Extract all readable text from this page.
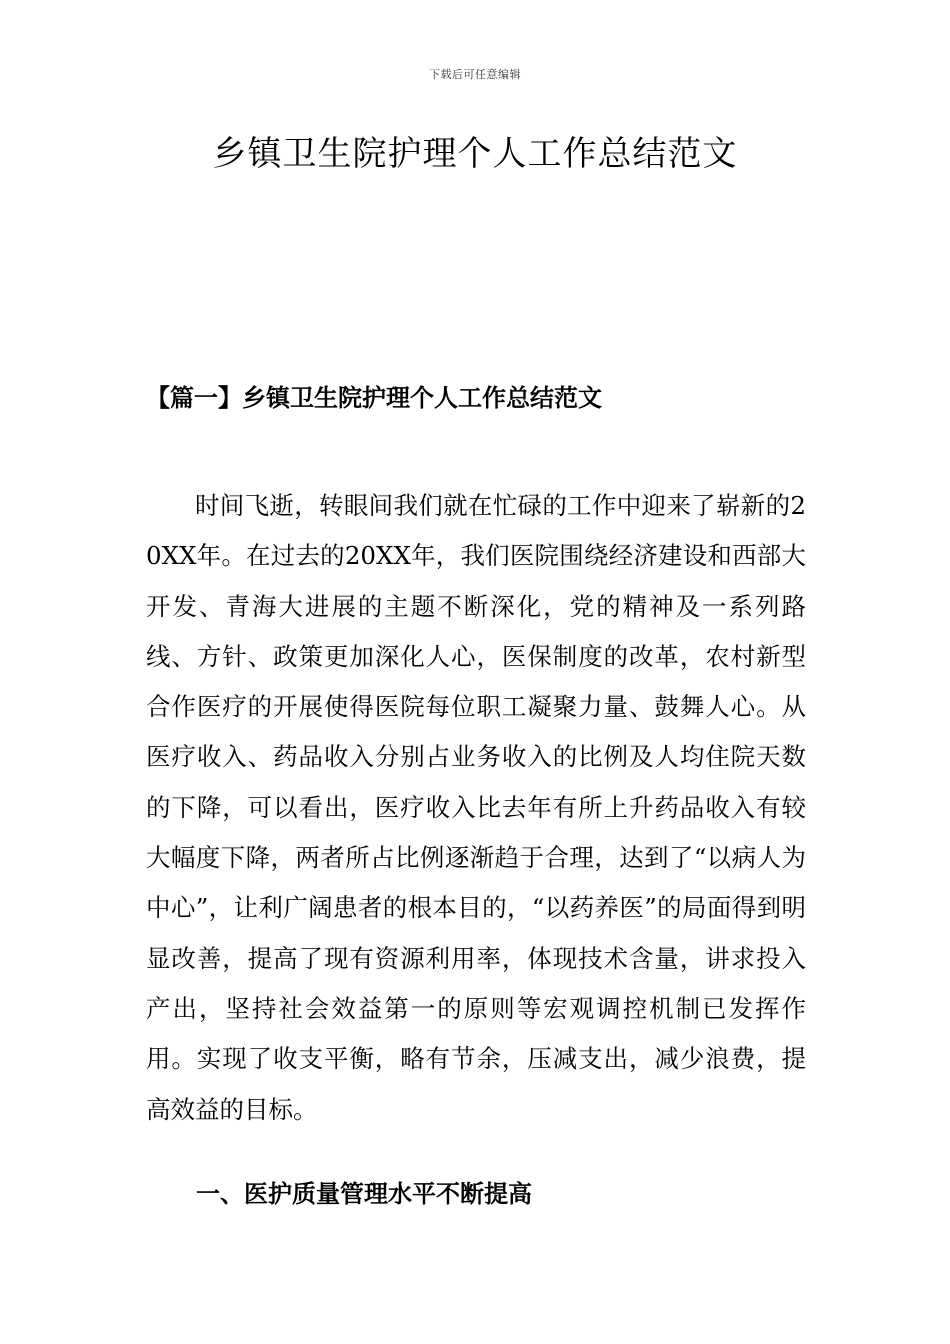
下载后可任意编辑
乡镇卫生院护理个人工作总结范文
【篇一】乡镇卫生院护理个人工作总结范文

时间飞逝，转眼间我们就在忙碌的工作中迎来了崭新的20XX年。在过去的20XX年，我们医院围绕经济建设和西部大开发、青海大进展的主题不断深化，党的精神及一系列路线、方针、政策更加深化人心，医保制度的改革，农村新型合作医疗的开展使得医院每位职工凝聚力量、鼓舞人心。从医疗收入、药品收入分别占业务收入的比例及人均住院天数的下降，可以看出，医疗收入比去年有所上升药品收入有较大幅度下降，两者所占比例逐渐趋于合理，达到了“以病人为中心”，让利广阔患者的根本目的，“以药养医”的局面得到明显改善，提高了现有资源利用率，体现技术含量，讲求投入产出，坚持社会效益第一的原则等宏观调控机制已发挥作用。实现了收支平衡，略有节余，压减支出，减少浪费，提高效益的目标。

一、医护质量管理水平不断提高
